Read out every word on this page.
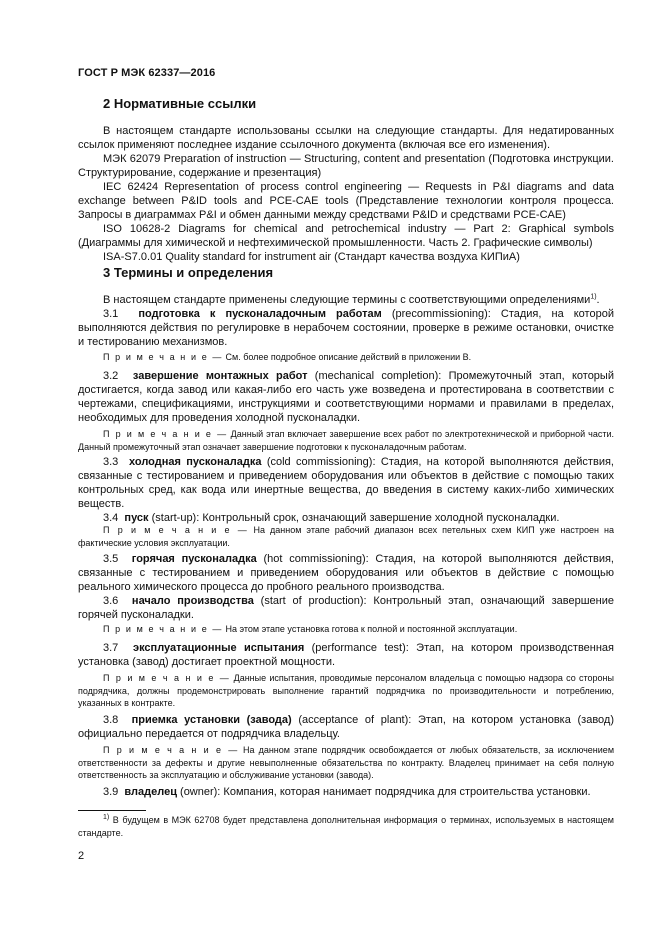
ГОСТ Р МЭК 62337—2016
2 Нормативные ссылки

В настоящем стандарте использованы ссылки на следующие стандарты. Для недатированных ссылок применяют последнее издание ссылочного документа (включая все его изменения).

МЭК 62079 Preparation of instruction — Structuring, content and presentation (Подготовка инструкции. Структурирование, содержание и презентация)

IEC 62424 Representation of process control engineering — Requests in P&I diagrams and data exchange between P&ID tools and PCE-CAE tools (Представление технологии контроля процесса. Запросы в диаграммах P&I и обмен данными между средствами P&ID и средствами PCE-CAE)

ISO 10628-2 Diagrams for chemical and petrochemical industry — Part 2: Graphical symbols (Диаграммы для химической и нефтехимической промышленности. Часть 2. Графические символы)

ISA-S7.0.01 Quality standard for instrument air (Стандарт качества воздуха КИПиА)

3 Термины и определения

В настоящем стандарте применены следующие термины с соответствующими определениями$^{1)}$.

3.1 подготовка к пусконаладочным работам (precommissioning): Стадия, на которой выполняются действия по регулировке в нерабочем состоянии, проверке в режиме остановки, очистке и тестированию механизмов.

П р и м е ч а н и е — См. более подробное описание действий в приложении В.

3.2 завершение монтажных работ (mechanical completion): Промежуточный этап, который достигается, когда завод или какая-либо его часть уже возведена и протестирована в соответствии с чертежами, спецификациями, инструкциями и соответствующими нормами и правилами в пределах, необходимых для проведения холодной пусконаладки.

П р и м е ч а н и е — Данный этап включает завершение всех работ по электротехнической и приборной части. Данный промежуточный этап означает завершение подготовки к пусконаладочным работам.

3.3 холодная пусконаладка (cold commissioning): Стадия, на которой выполняются действия, связанные с тестированием и приведением оборудования или объектов в действие с помощью таких контрольных сред, как вода или инертные вещества, до введения в систему каких-либо химических веществ.

3.4 пуск (start-up): Контрольный срок, означающий завершение холодной пусконаладки.

П р и м е ч а н и е — На данном этапе рабочий диапазон всех петельных схем КИП уже настроен на фактические условия эксплуатации.

3.5 горячая пусконаладка (hot commissioning): Стадия, на которой выполняются действия, связанные с тестированием и приведением оборудования или объектов в действие с помощью реального химического процесса до пробного реального производства.

3.6 начало производства (start of production): Контрольный этап, означающий завершение горячей пусконаладки.

П р и м е ч а н и е — На этом этапе установка готова к полной и постоянной эксплуатации.

3.7 эксплуатационные испытания (performance test): Этап, на котором производственная установка (завод) достигает проектной мощности.

П р и м е ч а н и е — Данные испытания, проводимые персоналом владельца с помощью надзора со стороны подрядчика, должны продемонстрировать выполнение гарантий подрядчика по производительности и потреблению, указанных в контракте.

3.8 приемка установки (завода) (acceptance of plant): Этап, на котором установка (завод) официально передается от подрядчика владельцу.

П р и м е ч а н и е — На данном этапе подрядчик освобождается от любых обязательств, за исключением ответственности за дефекты и другие невыполненные обязательства по контракту. Владелец принимает на себя полную ответственность за эксплуатацию и обслуживание установки (завода).

3.9 владелец (owner): Компания, которая нанимает подрядчика для строительства установки.

$^{1)}$ В будущем в МЭК 62708 будет представлена дополнительная информация о терминах, используемых в настоящем стандарте.

2
